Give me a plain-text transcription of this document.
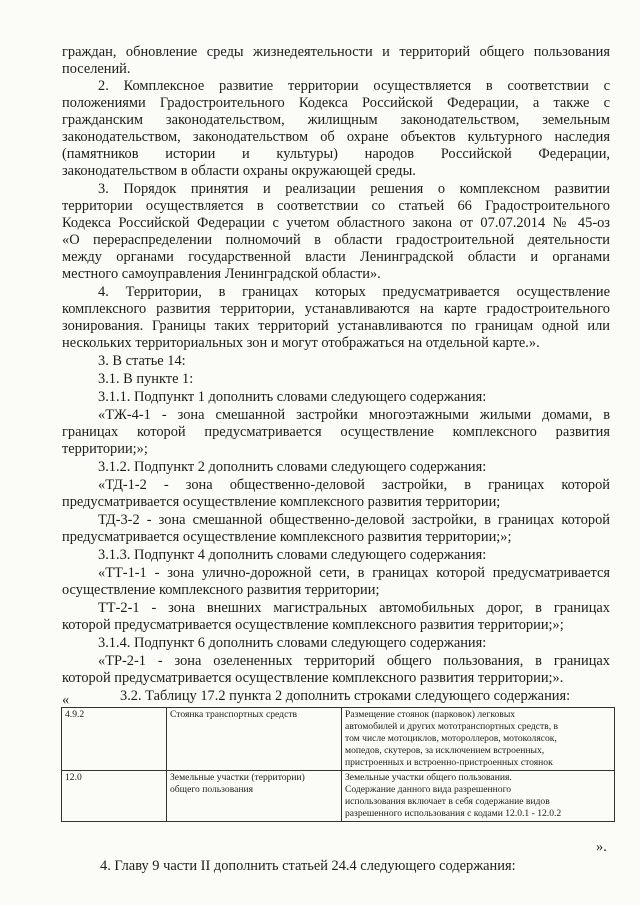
граждан, обновление среды жизнедеятельности и территорий общего пользования
поселений.
2. Комплексное развитие территории осуществляется в соответствии с
положениями Градостроительного Кодекса Российской Федерации, а также с
гражданским законодательством, жилищным законодательством, земельным
законодательством, законодательством об охране объектов культурного наследия
(памятников истории и культуры) народов Российской Федерации,
законодательством в области охраны окружающей среды.
3. Порядок принятия и реализации решения о комплексном развитии
территории осуществляется в соответствии со статьей 66 Градостроительного
Кодекса Российской Федерации с учетом областного закона от 07.07.2014 № 45-оз
«О перераспределении полномочий в области градостроительной деятельности
между органами государственной власти Ленинградской области и органами
местного самоуправления Ленинградской области».
4. Территории, в границах которых предусматривается осуществление
комплексного развития территории, устанавливаются на карте градостроительного
зонирования. Границы таких территорий устанавливаются по границам одной или
нескольких территориальных зон и могут отображаться на отдельной карте.».
3. В статье 14:
3.1. В пункте 1:
3.1.1. Подпункт 1 дополнить словами следующего содержания:
«ТЖ-4-1 - зона смешанной застройки многоэтажными жилыми домами, в
границах которой предусматривается осуществление комплексного развития
территории;»;
3.1.2. Подпункт 2 дополнить словами следующего содержания:
«ТД-1-2 - зона общественно-деловой застройки, в границах которой
предусматривается осуществление комплексного развития территории;
ТД-3-2 - зона смешанной общественно-деловой застройки, в границах которой
предусматривается осуществление комплексного развития территории;»;
3.1.3. Подпункт 4 дополнить словами следующего содержания:
«ТТ-1-1 - зона улично-дорожной сети, в границах которой предусматривается
осуществление комплексного развития территории;
ТТ-2-1 - зона внешних магистральных автомобильных дорог, в границах
которой предусматривается осуществление комплексного развития территории;»;
3.1.4. Подпункт 6 дополнить словами следующего содержания:
«ТР-2-1 - зона озелененных территорий общего пользования, в границах
которой предусматривается осуществление комплексного развития территории;».
3.2. Таблицу 17.2 пункта 2 дополнить строками следующего содержания:
«
4.9.2	Стоянка транспортных средств	Размещение стоянок (парковок) легковых
автомобилей и других мототранспортных средств, в
том числе мотоциклов, мотороллеров, мотоколясок,
мопедов, скутеров, за исключением встроенных,
пристроенных и встроенно-пристроенных стоянок

12.0	Земельные участки (территории)
общего пользования	Земельные участки общего пользования.
Содержание данного вида разрешенного
использования включает в себя содержание видов
разрешенного использования с кодами 12.0.1 - 12.0.2
».
4. Главу 9 части II дополнить статьей 24.4 следующего содержания:
